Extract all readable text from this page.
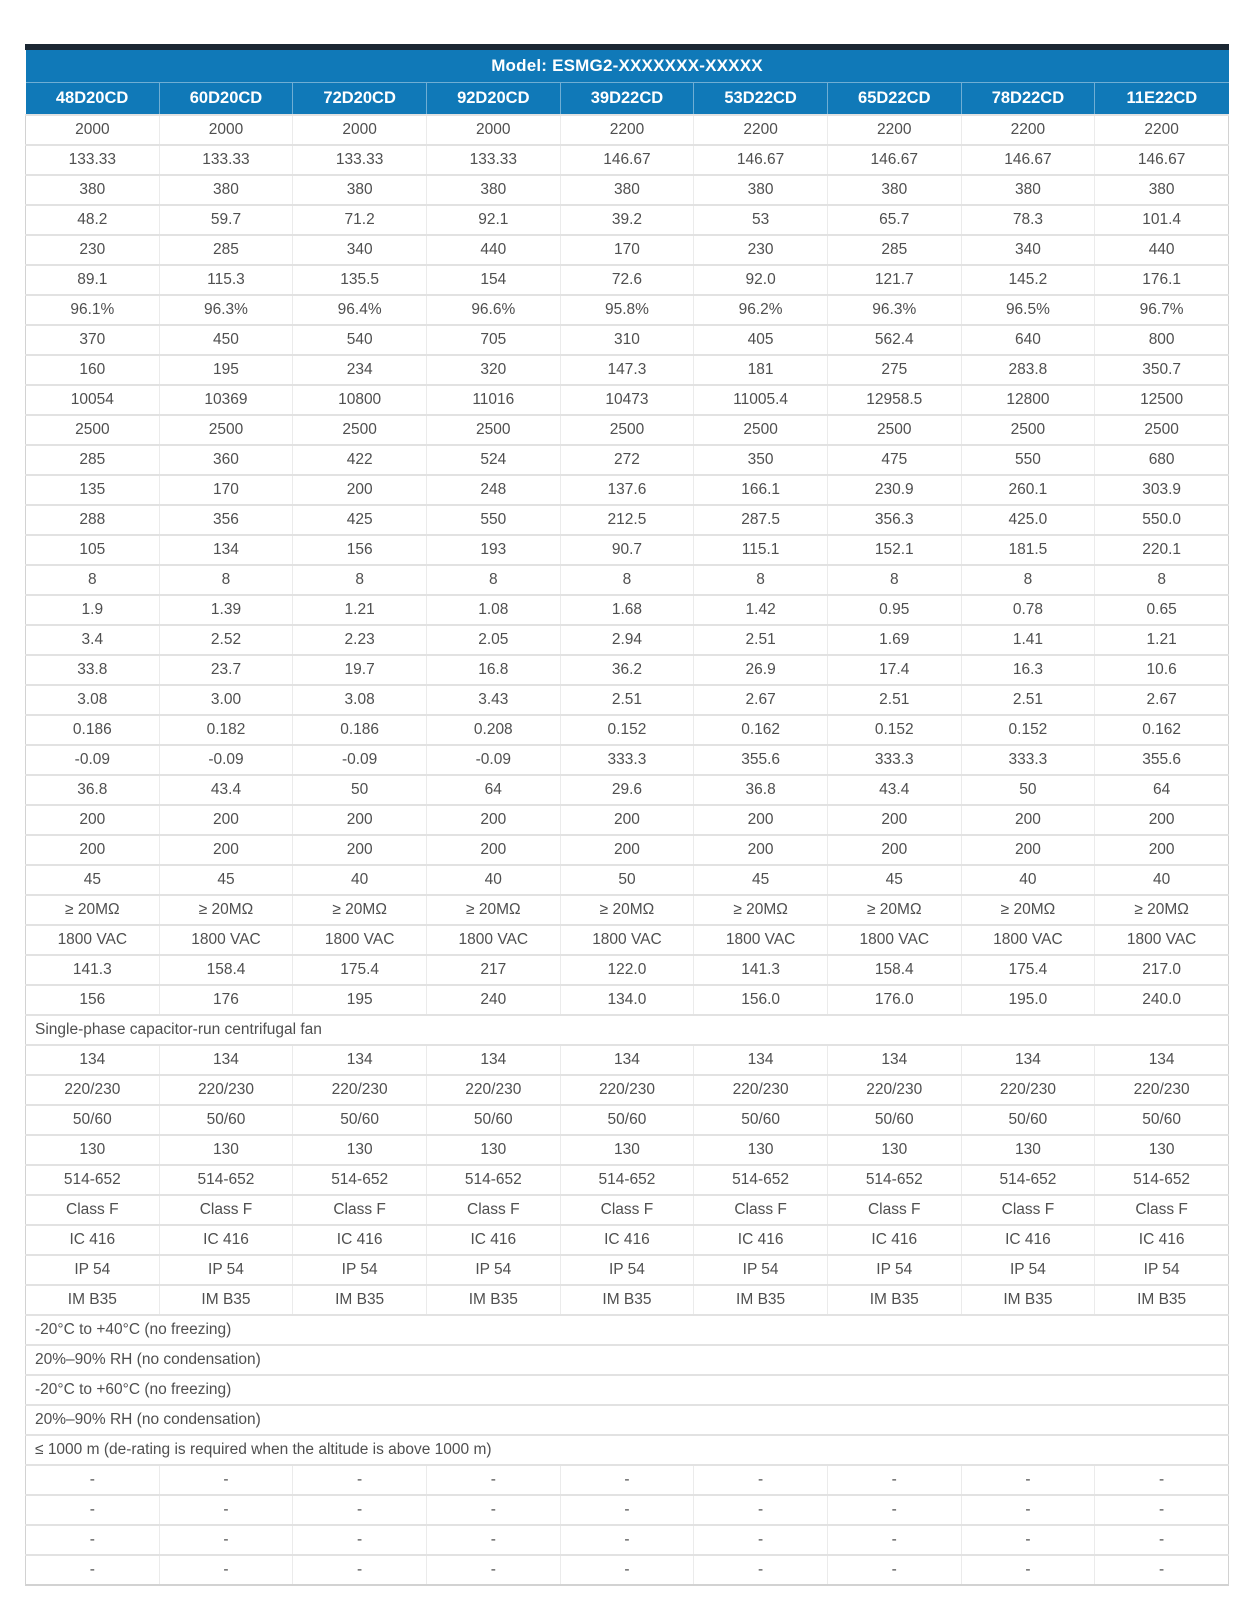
Model: ESMG2-XXXXXXX-XXXXX								
48D20CD	60D20CD	72D20CD	92D20CD	39D22CD	53D22CD	65D22CD	78D22CD	11E22CD
2000	2000	2000	2000	2200	2200	2200	2200	2200
133.33	133.33	133.33	133.33	146.67	146.67	146.67	146.67	146.67
380	380	380	380	380	380	380	380	380
48.2	59.7	71.2	92.1	39.2	53	65.7	78.3	101.4
230	285	340	440	170	230	285	340	440
89.1	115.3	135.5	154	72.6	92.0	121.7	145.2	176.1
96.1%	96.3%	96.4%	96.6%	95.8%	96.2%	96.3%	96.5%	96.7%
370	450	540	705	310	405	562.4	640	800
160	195	234	320	147.3	181	275	283.8	350.7
10054	10369	10800	11016	10473	11005.4	12958.5	12800	12500
2500	2500	2500	2500	2500	2500	2500	2500	2500
285	360	422	524	272	350	475	550	680
135	170	200	248	137.6	166.1	230.9	260.1	303.9
288	356	425	550	212.5	287.5	356.3	425.0	550.0
105	134	156	193	90.7	115.1	152.1	181.5	220.1
8	8	8	8	8	8	8	8	8
1.9	1.39	1.21	1.08	1.68	1.42	0.95	0.78	0.65
3.4	2.52	2.23	2.05	2.94	2.51	1.69	1.41	1.21
33.8	23.7	19.7	16.8	36.2	26.9	17.4	16.3	10.6
3.08	3.00	3.08	3.43	2.51	2.67	2.51	2.51	2.67
0.186	0.182	0.186	0.208	0.152	0.162	0.152	0.152	0.162
-0.09	-0.09	-0.09	-0.09	333.3	355.6	333.3	333.3	355.6
36.8	43.4	50	64	29.6	36.8	43.4	50	64
200	200	200	200	200	200	200	200	200
200	200	200	200	200	200	200	200	200
45	45	40	40	50	45	45	40	40
≥ 20MΩ	≥ 20MΩ	≥ 20MΩ	≥ 20MΩ	≥ 20MΩ	≥ 20MΩ	≥ 20MΩ	≥ 20MΩ	≥ 20MΩ
1800 VAC	1800 VAC	1800 VAC	1800 VAC	1800 VAC	1800 VAC	1800 VAC	1800 VAC	1800 VAC
141.3	158.4	175.4	217	122.0	141.3	158.4	175.4	217.0
156	176	195	240	134.0	156.0	176.0	195.0	240.0
Single-phase capacitor-run centrifugal fan								
134	134	134	134	134	134	134	134	134
220/230	220/230	220/230	220/230	220/230	220/230	220/230	220/230	220/230
50/60	50/60	50/60	50/60	50/60	50/60	50/60	50/60	50/60
130	130	130	130	130	130	130	130	130
514-652	514-652	514-652	514-652	514-652	514-652	514-652	514-652	514-652
Class F	Class F	Class F	Class F	Class F	Class F	Class F	Class F	Class F
IC 416	IC 416	IC 416	IC 416	IC 416	IC 416	IC 416	IC 416	IC 416
IP 54	IP 54	IP 54	IP 54	IP 54	IP 54	IP 54	IP 54	IP 54
IM B35	IM B35	IM B35	IM B35	IM B35	IM B35	IM B35	IM B35	IM B35
-20°C to +40°C (no freezing)								
20%–90% RH (no condensation)								
-20°C to +60°C (no freezing)								
20%–90% RH (no condensation)								
≤ 1000 m (de-rating is required when the altitude is above 1000 m)								
-	-	-	-	-	-	-	-	-
-	-	-	-	-	-	-	-	-
-	-	-	-	-	-	-	-	-
-	-	-	-	-	-	-	-	-
